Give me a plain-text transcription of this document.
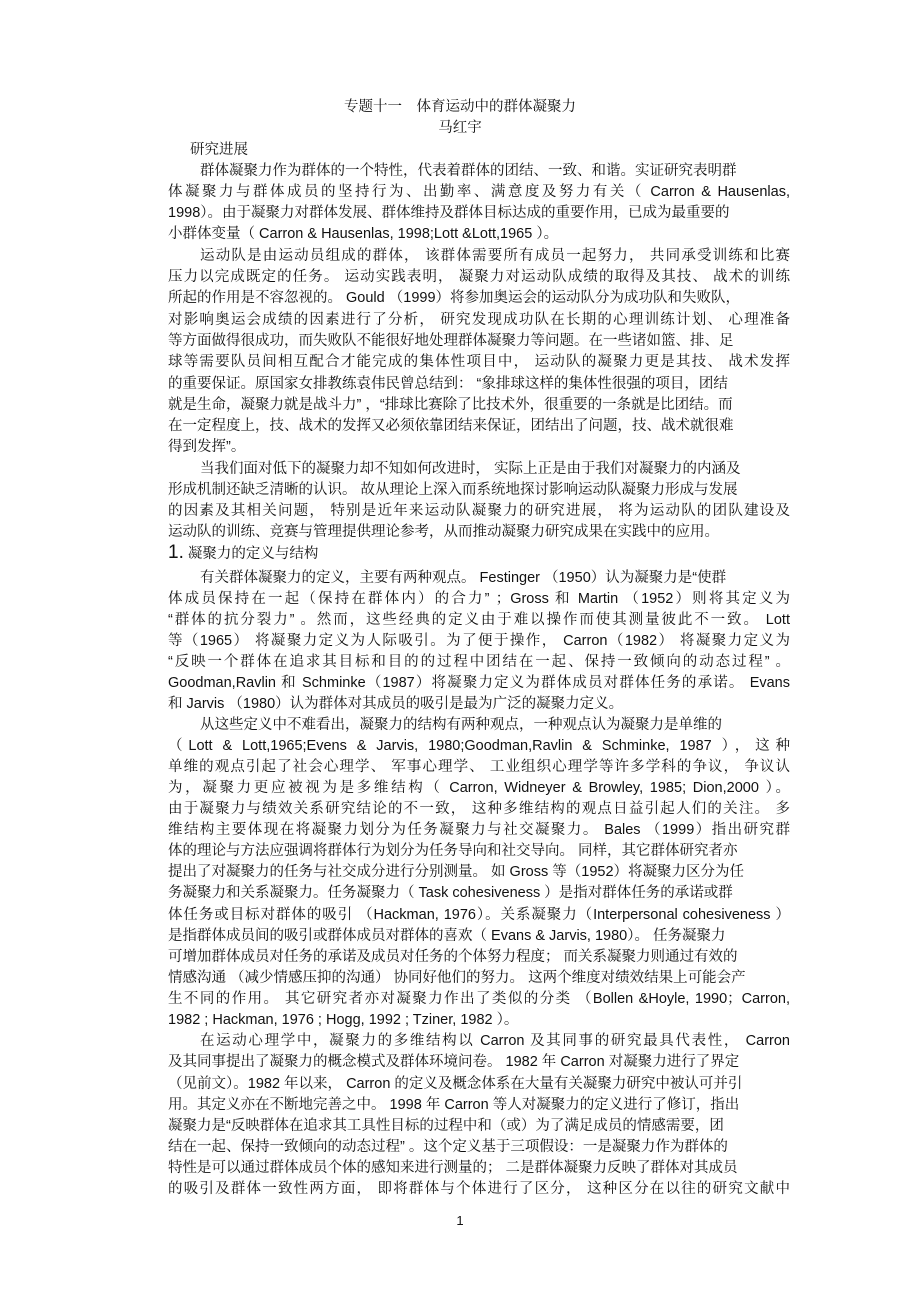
专题十一　体育运动中的群体凝聚力
马红宇
研究进展
群体凝聚力作为群体的一个特性，代表着群体的团结、一致、和谐。实证研究表明群
体凝聚力与群体成员的坚持行为、出勤率、满意度及努力有关（ Carron & Hausenlas,
1998）。由于凝聚力对群体发展、群体维持及群体目标达成的重要作用，已成为最重要的
小群体变量（ Carron & Hausenlas, 1998;Lott &Lott,1965 ）。
运动队是由运动员组成的群体， 该群体需要所有成员一起努力， 共同承受训练和比赛
压力以完成既定的任务。 运动实践表明， 凝聚力对运动队成绩的取得及其技、 战术的训练
所起的作用是不容忽视的。 Gould （1999）将参加奥运会的运动队分为成功队和失败队，
对影响奥运会成绩的因素进行了分析， 研究发现成功队在长期的心理训练计划、 心理准备
等方面做得很成功，而失败队不能很好地处理群体凝聚力等问题。在一些诸如篮、排、足
球等需要队员间相互配合才能完成的集体性项目中， 运动队的凝聚力更是其技、 战术发挥
的重要保证。原国家女排教练袁伟民曾总结到： “象排球这样的集体性很强的项目，团结
就是生命，凝聚力就是战斗力” ，“排球比赛除了比技术外，很重要的一条就是比团结。而
在一定程度上，技、战术的发挥又必须依靠团结来保证，团结出了问题，技、战术就很难
得到发挥”。
当我们面对低下的凝聚力却不知如何改进时， 实际上正是由于我们对凝聚力的内涵及
形成机制还缺乏清晰的认识。 故从理论上深入而系统地探讨影响运动队凝聚力形成与发展
的因素及其相关问题， 特别是近年来运动队凝聚力的研究进展， 将为运动队的团队建设及
运动队的训练、竞赛与管理提供理论参考，从而推动凝聚力研究成果在实践中的应用。
1. 凝聚力的定义与结构
有关群体凝聚力的定义，主要有两种观点。 Festinger （1950）认为凝聚力是“使群
体成员保持在一起（保持在群体内）的合力” ；Gross 和 Martin （1952）则将其定义为
“群体的抗分裂力” 。然而，这些经典的定义由于难以操作而使其测量彼此不一致。 Lott
等（1965） 将凝聚力定义为人际吸引。为了便于操作， Carron（1982） 将凝聚力定义为
“反映一个群体在追求其目标和目的的过程中团结在一起、保持一致倾向的动态过程” 。
Goodman,Ravlin 和 Schminke（1987）将凝聚力定义为群体成员对群体任务的承诺。 Evans
和 Jarvis （1980）认为群体对其成员的吸引是最为广泛的凝聚力定义。
从这些定义中不难看出，凝聚力的结构有两种观点，一种观点认为凝聚力是单维的
（Lott & Lott,1965;Evens & Jarvis, 1980;Goodman,Ravlin & Schminke, 1987 ），这种
单维的观点引起了社会心理学、 军事心理学、 工业组织心理学等许多学科的争议， 争议认
为，凝聚力更应被视为是多维结构（ Carron, Widneyer & Browley, 1985; Dion,2000 ）。
由于凝聚力与绩效关系研究结论的不一致， 这种多维结构的观点日益引起人们的关注。 多
维结构主要体现在将凝聚力划分为任务凝聚力与社交凝聚力。 Bales （1999）指出研究群
体的理论与方法应强调将群体行为划分为任务导向和社交导向。 同样，其它群体研究者亦
提出了对凝聚力的任务与社交成分进行分别测量。 如 Gross 等（1952）将凝聚力区分为任
务凝聚力和关系凝聚力。任务凝聚力（ Task cohesiveness ）是指对群体任务的承诺或群
体任务或目标对群体的吸引 （Hackman, 1976）。关系凝聚力（Interpersonal cohesiveness ）
是指群体成员间的吸引或群体成员对群体的喜欢（ Evans & Jarvis, 1980）。 任务凝聚力
可增加群体成员对任务的承诺及成员对任务的个体努力程度； 而关系凝聚力则通过有效的
情感沟通 （减少情感压抑的沟通） 协同好他们的努力。 这两个维度对绩效结果上可能会产
生不同的作用。 其它研究者亦对凝聚力作出了类似的分类 （Bollen &Hoyle, 1990；Carron,
1982 ; Hackman, 1976 ; Hogg, 1992 ; Tziner, 1982 ）。
在运动心理学中，凝聚力的多维结构以 Carron 及其同事的研究最具代表性， Carron
及其同事提出了凝聚力的概念模式及群体环境问卷。 1982 年 Carron 对凝聚力进行了界定
（见前文）。1982 年以来， Carron 的定义及概念体系在大量有关凝聚力研究中被认可并引
用。其定义亦在不断地完善之中。 1998 年 Carron 等人对凝聚力的定义进行了修订，指出
凝聚力是“反映群体在追求其工具性目标的过程中和（或）为了满足成员的情感需要，团
结在一起、保持一致倾向的动态过程” 。这个定义基于三项假设：一是凝聚力作为群体的
特性是可以通过群体成员个体的感知来进行测量的； 二是群体凝聚力反映了群体对其成员
的吸引及群体一致性两方面， 即将群体与个体进行了区分， 这种区分在以往的研究文献中
1
